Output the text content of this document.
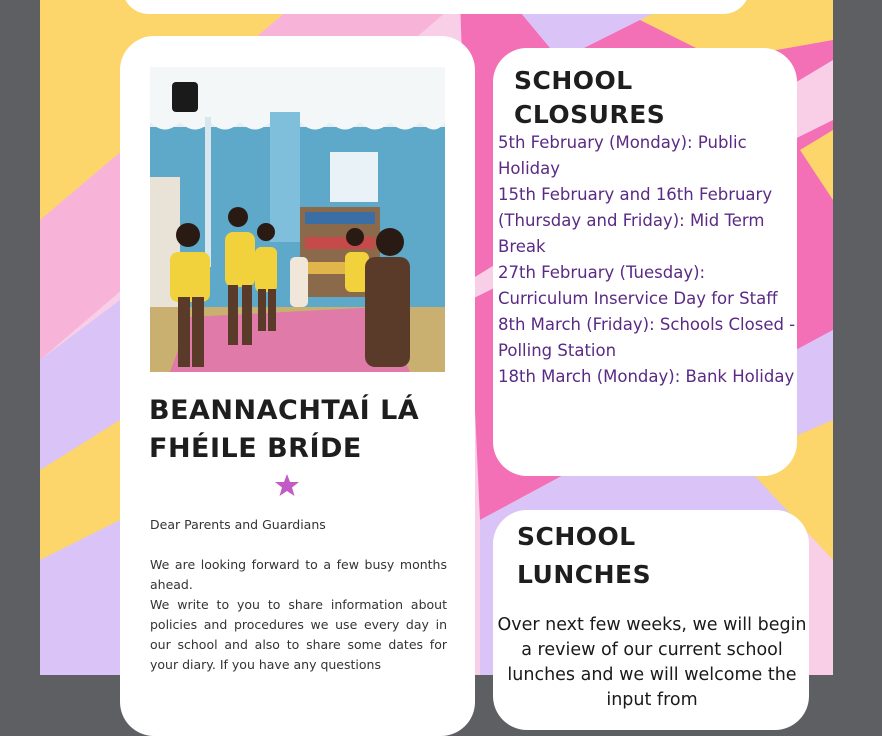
BEANNACHTAÍ LÁ FHÉILE BRÍDE

Dear Parents and Guardians

We are looking forward to a few busy months ahead.

We write to you to share information about policies and procedures we use every day in our school and also to share some dates for your diary. If you have any questions

SCHOOL CLOSURES
5th February (Monday): Public Holiday
15th February and 16th February (Thursday and Friday): Mid Term Break
27th February (Tuesday): Curriculum Inservice Day for Staff
8th March (Friday): Schools Closed -Polling Station
18th March (Monday): Bank Holiday
SCHOOL LUNCHES
Over next few weeks, we will begin a review of our current school lunches and we will welcome the input from
